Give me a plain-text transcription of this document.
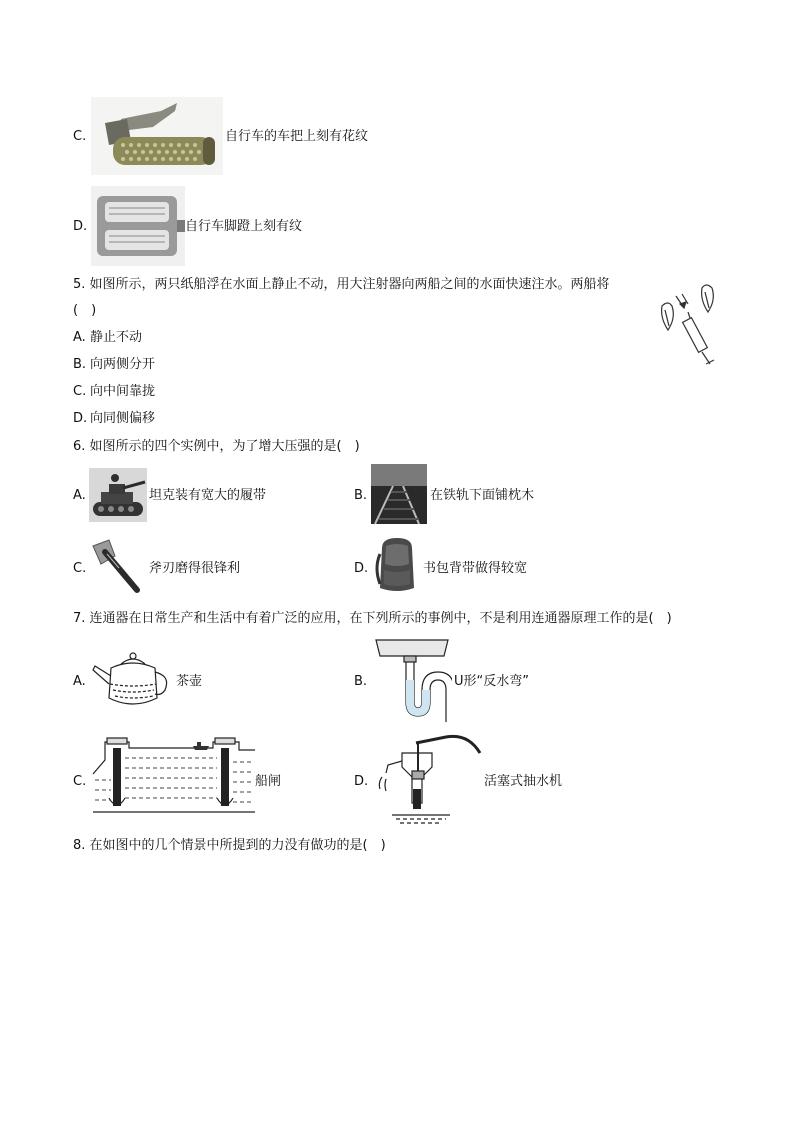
C.	自行车的车把上刻有花纹
D.	自行车脚蹬上刻有纹
5. 如图所示，两只纸船浮在水面上静止不动，用大注射器向两船之间的水面快速注水。两船将
(　)
A. 静止不动
B. 向两侧分开
C. 向中间靠拢
D. 向同侧偏移
6. 如图所示的四个实例中，为了增大压强的是(　)
A.	坦克装有宽大的履带	B.	在铁轨下面铺枕木
C.	斧刃磨得很锋利	D.	书包背带做得较宽
7. 连通器在日常生产和生活中有着广泛的应用，在下列所示的事例中，不是利用连通器原理工作的是(　)
A.	茶壶	B.	U形“反水弯”
C.	船闸	D.	活塞式抽水机
8. 在如图中的几个情景中所提到的力没有做功的是(　)
